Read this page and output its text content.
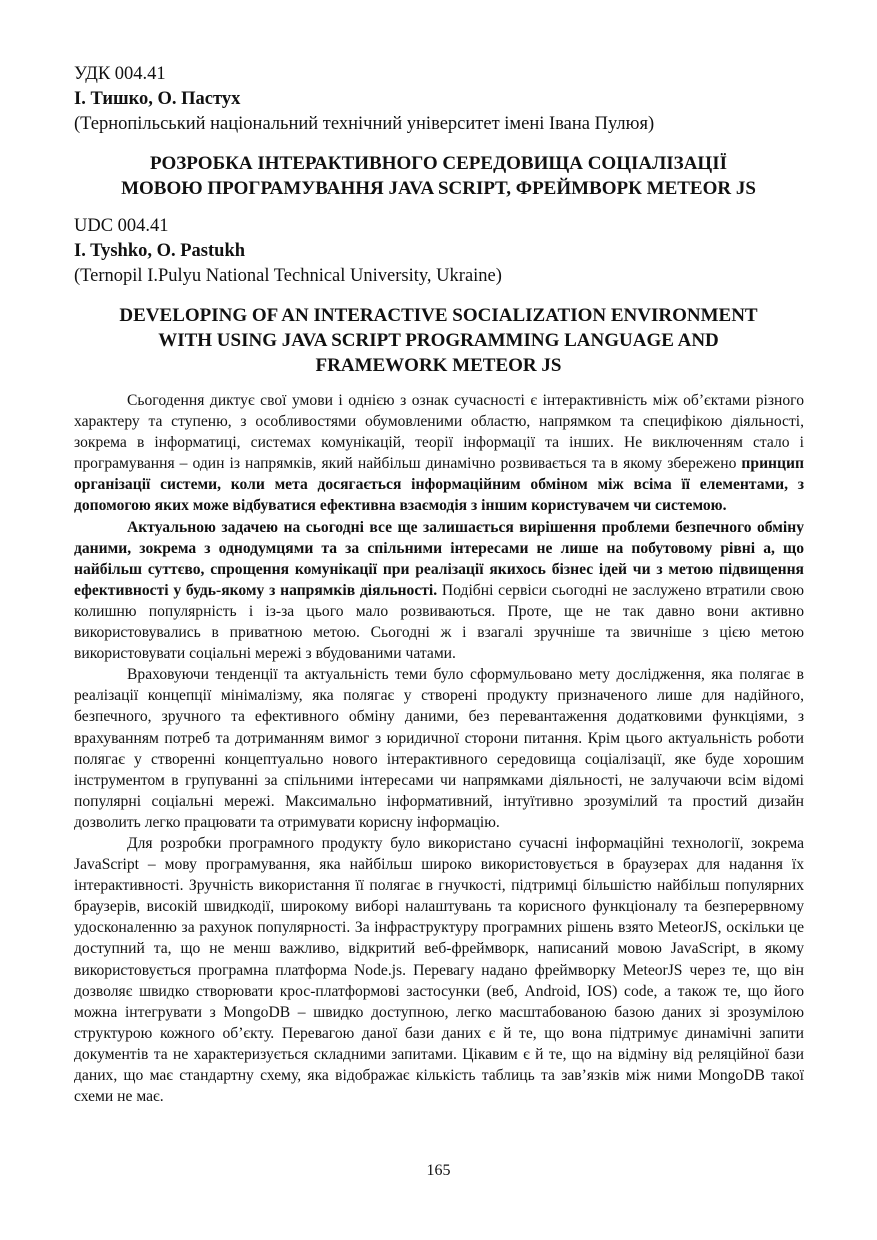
УДК 004.41
І. Тишко, О. Пастух
(Тернопільський національний технічний університет імені Івана Пулюя)
РОЗРОБКА ІНТЕРАКТИВНОГО СЕРЕДОВИЩА СОЦІАЛІЗАЦІЇ
МОВОЮ ПРОГРАМУВАННЯ JAVA SCRIPT, ФРЕЙМВОРК METEOR JS
UDC 004.41
I. Tyshko, O. Pastukh
(Ternopil I.Pulyu National Technical University, Ukraine)
DEVELOPING OF AN INTERACTIVE SOCIALIZATION ENVIRONMENT
WITH USING JAVA SCRIPT PROGRAMMING LANGUAGE AND
FRAMEWORK METEOR JS

Сьогодення диктує свої умови і однією з ознак сучасності є інтерактивність між об’єктами різного характеру та ступеню, з особливостями обумовленими областю, напрямком та специфікою діяльності, зокрема в інформатиці, системах комунікацій, теорії інформації та інших. Не виключенням стало і програмування – один із напрямків, який найбільш динамічно розвивається та в якому збережено принцип організації системи, коли мета досягається інформаційним обміном між всіма її елементами, з допомогою яких може відбуватися ефективна взаємодія з іншим користувачем чи системою.

Актуальною задачею на сьогодні все ще залишається вирішення проблеми безпечного обміну даними, зокрема з однодумцями та за спільними інтересами не лише на побутовому рівні а, що найбільш суттєво, спрощення комунікації при реалізації якихось бізнес ідей чи з метою підвищення ефективності у будь-якому з напрямків діяльності. Подібні сервіси сьогодні не заслужено втратили свою колишню популярність і із-за цього мало розвиваються. Проте, ще не так давно вони активно використовувались в приватною метою. Сьогодні ж і взагалі зручніше та звичніше з цією метою використовувати соціальні мережі з вбудованими чатами.

Враховуючи тенденції та актуальність теми було сформульовано мету дослідження, яка полягає в реалізації концепції мінімалізму, яка полягає у створені продукту призначеного лише для надійного, безпечного, зручного та ефективного обміну даними, без перевантаження додатковими функціями, з врахуванням потреб та дотриманням вимог з юридичної сторони питання. Крім цього актуальність роботи полягає у створенні концептуально нового інтерактивного середовища соціалізації, яке буде хорошим інструментом в групуванні за спільними інтересами чи напрямками діяльності, не залучаючи всім відомі популярні соціальні мережі. Максимально інформативний, інтуїтивно зрозумілий та простий дизайн дозволить легко працювати та отримувати корисну інформацію.

Для розробки програмного продукту було використано сучасні інформаційні технології, зокрема JavaScript – мову програмування, яка найбільш широко використовується в браузерах для надання їх інтерактивності. Зручність використання її полягає в гнучкості, підтримці більшістю найбільш популярних браузерів, високій швидкодії, широкому виборі налаштувань та корисного функціоналу та безперервному удосконаленню за рахунок популярності. За інфраструктуру програмних рішень взято MeteorJS, оскільки це доступний та, що не менш важливо, відкритий веб-фреймворк, написаний мовою JavaScript, в якому використовується програмна платформа Node.js. Перевагу надано фреймворку MeteorJS через те, що він дозволяє швидко створювати крос-платформові застосунки (веб, Android, IOS) code, а також те, що його можна інтегрувати з MongoDB – швидко доступною, легко масштабованою базою даних зі зрозумілою структурою кожного об’єкту. Перевагою даної бази даних є й те, що вона підтримує динамічні запити документів та не характеризується складними запитами. Цікавим є й те, що на відміну від реляційної бази даних, що має стандартну схему, яка відображає кількість таблиць та зав’язків між ними MongoDB такої схеми не має.

165
